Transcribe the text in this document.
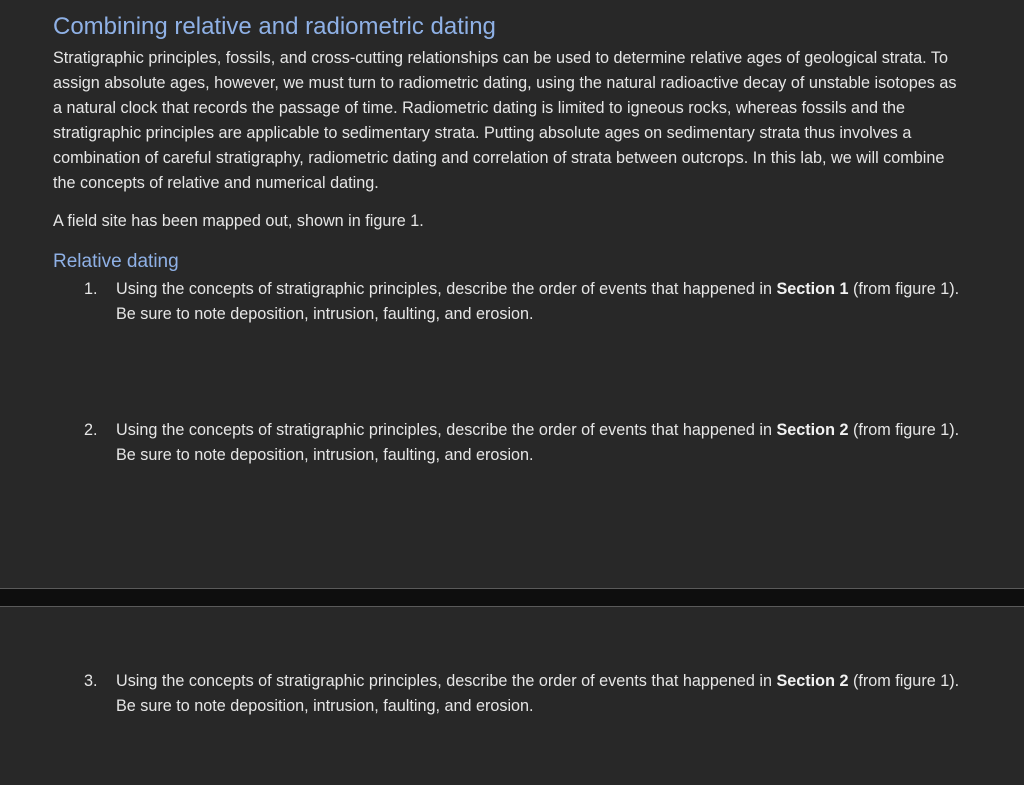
Combining relative and radiometric dating

Stratigraphic principles, fossils, and cross-cutting relationships can be used to determine relative ages of geological strata. To assign absolute ages, however, we must turn to radiometric dating, using the natural radioactive decay of unstable isotopes as a natural clock that records the passage of time. Radiometric dating is limited to igneous rocks, whereas fossils and the stratigraphic principles are applicable to sedimentary strata. Putting absolute ages on sedimentary strata thus involves a combination of careful stratigraphy, radiometric dating and correlation of strata between outcrops. In this lab, we will combine the concepts of relative and numerical dating.

A field site has been mapped out, shown in figure 1.

Relative dating
1.	Using the concepts of stratigraphic principles, describe the order of events that happened in Section 1 (from figure 1). Be sure to note deposition, intrusion, faulting, and erosion.
2.	Using the concepts of stratigraphic principles, describe the order of events that happened in Section 2 (from figure 1). Be sure to note deposition, intrusion, faulting, and erosion.
3.	Using the concepts of stratigraphic principles, describe the order of events that happened in Section 2 (from figure 1). Be sure to note deposition, intrusion, faulting, and erosion.
